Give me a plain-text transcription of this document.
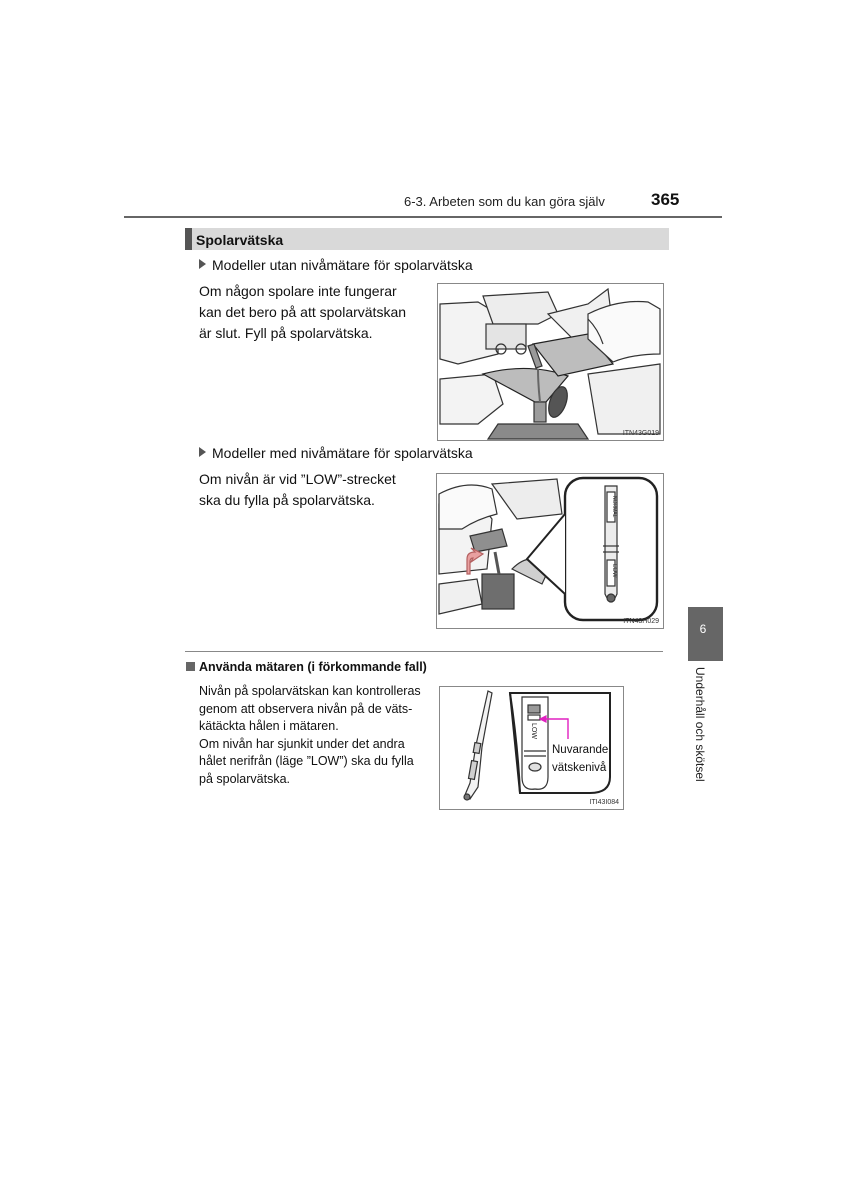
6-3. Arbeten som du kan göra själv	365
Spolarvätska
Modeller utan nivåmätare för spolarvätska
Om någon spolare inte fungerar
kan det bero på att spolarvätskan
är slut. Fyll på spolarvätska.
ITN43G019
Modeller med nivåmätare för spolarvätska
Om nivån är vid ”LOW”-strecket
ska du fylla på spolarvätska.	NORMAL
LOW
ITN43H029
Använda mätaren (i förkommande fall)
Nivån på spolarvätskan kan kontrolleras
genom att observera nivån på de väts-
kätäckta hålen i mätaren.
Om nivån har sjunkit under det andra
hålet nerifrån (läge ”LOW”) ska du fylla
på spolarvätska.
LOW
Nuvarande
vätskenivå
ITI43I084
6
Underhåll och skötsel
